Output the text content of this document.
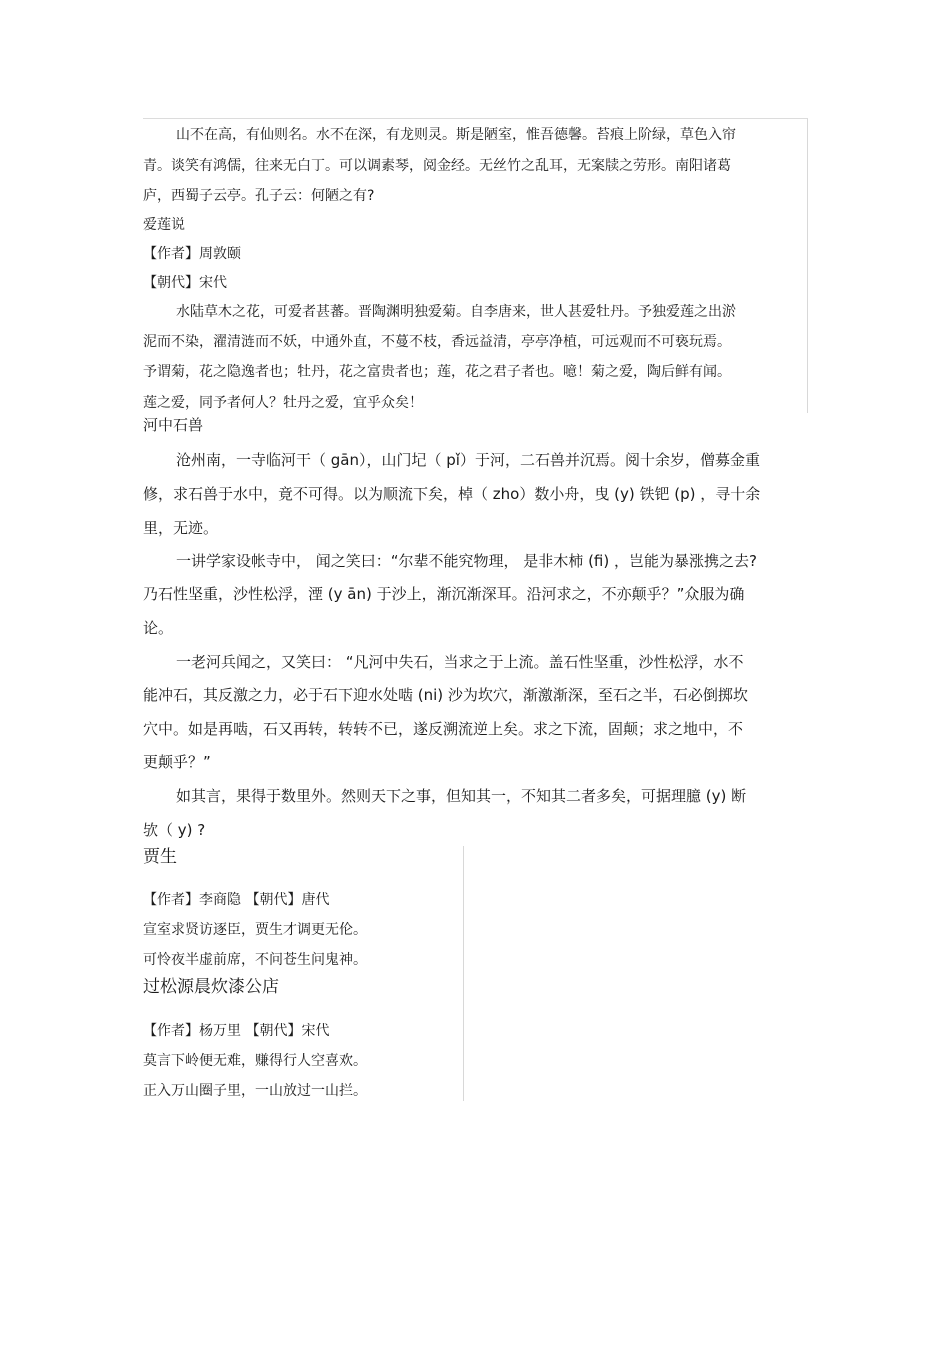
山不在高，有仙则名。水不在深，有龙则灵。斯是陋室，惟吾德馨。苔痕上阶绿，草色入帘
青。谈笑有鸿儒，往来无白丁。可以调素琴，阅金经。无丝竹之乱耳，无案牍之劳形。南阳诸葛
庐，西蜀子云亭。孔子云：何陋之有?
爱莲说
【作者】周敦颐
【朝代】宋代
水陆草木之花，可爱者甚蕃。晋陶渊明独爱菊。自李唐来，世人甚爱牡丹。予独爱莲之出淤
泥而不染，濯清涟而不妖，中通外直，不蔓不枝，香远益清，亭亭净植，可远观而不可亵玩焉。
予谓菊，花之隐逸者也；牡丹，花之富贵者也；莲，花之君子者也。噫！菊之爱，陶后鲜有闻。
莲之爱，同予者何人？牡丹之爱，宜乎众矣！
河中石兽
沧州南，一寺临河干（ gān），山门圮（ pǐ）于河，二石兽并沉焉。阅十余岁，僧募金重
修，求石兽于水中，竟不可得。以为顺流下矣，棹（ zho）数小舟，曳 (y) 铁钯 (p) ，寻十余
里，无迹。
一讲学家设帐寺中， 闻之笑曰：“尔辈不能究物理， 是非木柿 (fi) ，岂能为暴涨携之去?
乃石性坚重，沙性松浮，湮 (y ān) 于沙上，渐沉渐深耳。沿河求之，不亦颠乎？”众服为确
论。
一老河兵闻之，又笑曰： “凡河中失石，当求之于上流。盖石性坚重，沙性松浮，水不
能冲石，其反激之力，必于石下迎水处啮 (ni) 沙为坎穴，渐激渐深，至石之半，石必倒掷坎
穴中。如是再啮，石又再转，转转不已，遂反溯流逆上矣。求之下流，固颠；求之地中，不
更颠乎？”
如其言，果得于数里外。然则天下之事，但知其一，不知其二者多矣，可据理臆 (y) 断
欤（ y) ?
贾生
【作者】李商隐 【朝代】唐代
宣室求贤访逐臣，贾生才调更无伦。
可怜夜半虚前席，不问苍生问鬼神。
过松源晨炊漆公店
【作者】杨万里 【朝代】宋代
莫言下岭便无难，赚得行人空喜欢。
正入万山圈子里，一山放过一山拦。
